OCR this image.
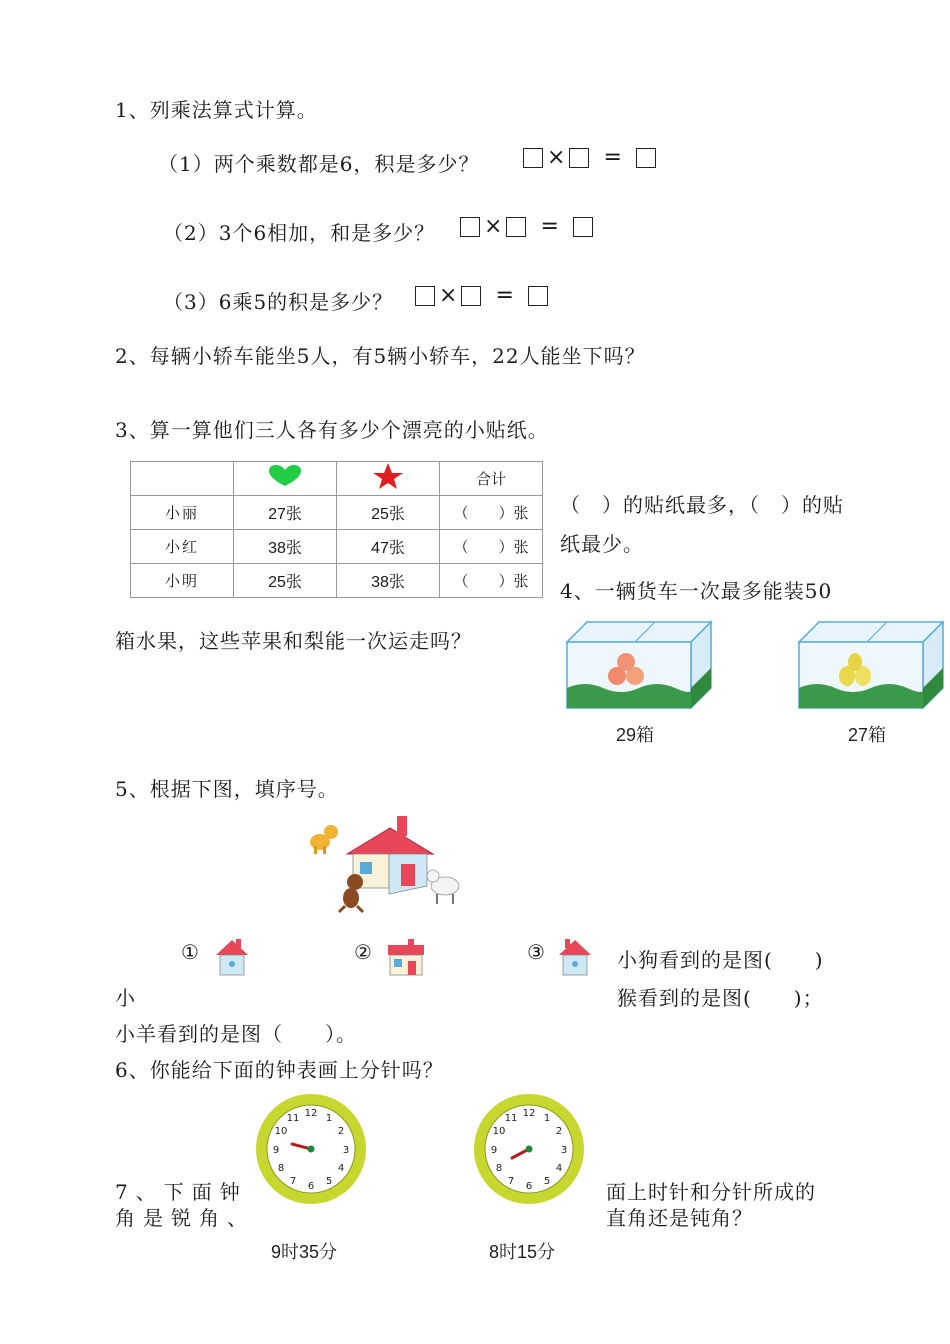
1、列乘法算式计算。
（1）两个乘数都是6，积是多少？	× =
（2）3个6相加，和是多少？ × =
（3）6乘5的积是多少？ × =
2、每辆小轿车能坐5人，有5辆小轿车，22人能坐下吗？
3、算一算他们三人各有多少个漂亮的小贴纸。
			合计
小丽	27张	25张	（　　）张
小红	38张	47张	（　　）张
小明	25张	38张	（　　）张
（　）的贴纸最多，（　）的贴
纸最少。
4、一辆货车一次最多能装50
箱水果，这些苹果和梨能一次运走吗？
29箱	27箱
5、根据下图，填序号。
①	②	③	小狗看到的是图(　　)
小	猴看到的是图(　　)；
小羊看到的是图（　　）。
6、你能给下面的钟表画上分针吗？
12 1
2
3
4
5
6
7
8
9
10
11	12 1
2
3
4
5
6
7
8
9
10
11
9时35分	8时15分
7、下面钟
角是锐角、
面上时针和分针所成的
直角还是钝角？
